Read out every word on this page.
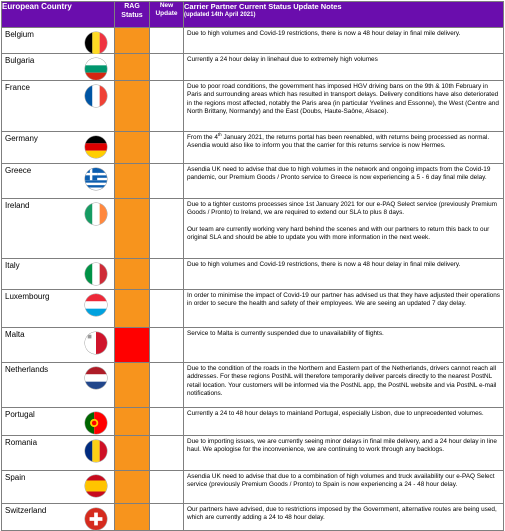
European Country	RAG Status	New Update	Carrier Partner Current Status Update Notes
(updated 14th April 2021)

Belgium			Due to high volumes and Covid-19 restrictions, there is now a 48 hour delay in final mile delivery.

Bulgaria			Currently a 24 hour delay in linehaul due to extremely high volumes

France			Due to poor road conditions, the government has imposed HGV driving bans on the 9th & 10th February in Paris and surrounding areas which has resulted in transport delays. Delivery conditions have also deteriorated in the regions most affected, notably the Paris area (in particular Yvelines and Essonne), the West (Centre and North Brittany, Normandy) and the East (Doubs, Haute-Saône, Alsace).

Germany			From the 4th January 2021, the returns portal has been reenabled, with returns being processed as normal. Asendia would also like to inform you that the carrier for this returns service is now Hermes.

Greece			Asendia UK need to advise that due to high volumes in the network and ongoing impacts from the Covid-19 pandemic, our Premium Goods / Pronto service to Greece is now experiencing a 5 - 6 day final mile delay.

Ireland			Due to a tighter customs processes since 1st January 2021 for our e-PAQ Select service (previously Premium Goods / Pronto) to Ireland, we are required to extend our SLA to plus 8 days.

Our team are currently working very hard behind the scenes and with our partners to return this back to our original SLA and should be able to update you with more information in the next week.

Italy			Due to high volumes and Covid-19 restrictions, there is now a 48 hour delay in final mile delivery.

Luxembourg			In order to minimise the impact of Covid-19 our partner has advised us that they have adjusted their operations in order to secure the health and safety of their employees. We are seeing an updated 7 day delay.

Malta			Service to Malta is currently suspended due to unavailability of flights.

Netherlands			Due to the condition of the roads in the Northern and Eastern part of the Netherlands, drivers cannot reach all addresses. For these regions PostNL will therefore temporarily deliver parcels directly to the nearest PostNL retail location. Your customers will be informed via the PostNL app, the PostNL website and via PostNL e-mail notifications.

Portugal			Currently a 24 to 48 hour delays to mainland Portugal, especially Lisbon, due to unprecedented volumes.

Romania			Due to importing issues, we are currently seeing minor delays in final mile delivery, and a 24 hour delay in line haul. We apologise for the inconvenience, we are continuing to work through any backlogs.

Spain			Asendia UK need to advise that due to a combination of high volumes and truck availability our e-PAQ Select service (previously Premium Goods / Pronto) to Spain is now experiencing a 24 - 48 hour delay.

Switzerland			Our partners have advised, due to restrictions imposed by the Government, alternative routes are being used, which are currently adding a 24 to 48 hour delay.
